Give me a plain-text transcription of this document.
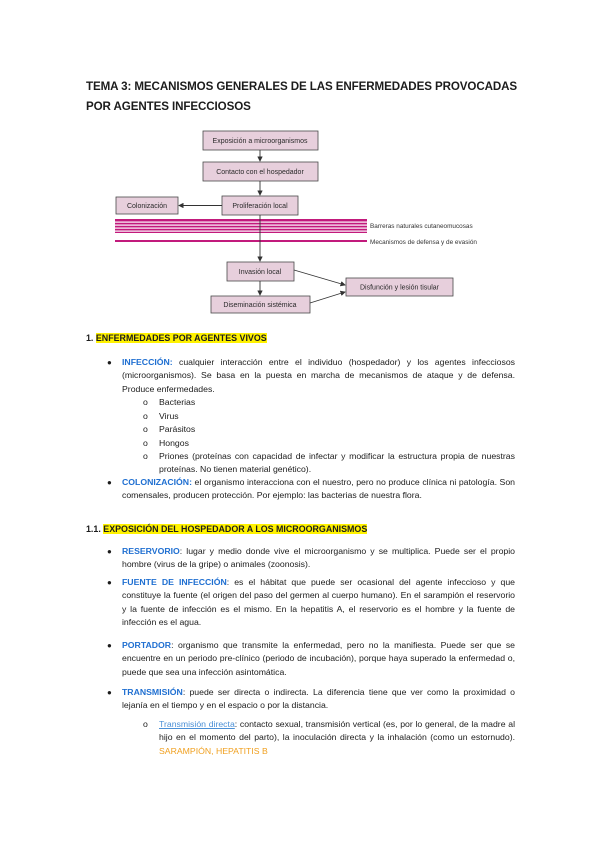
TEMA 3: MECANISMOS GENERALES DE LAS ENFERMEDADES PROVOCADAS POR AGENTES INFECCIOSOS
Exposición a microorganismos
Contacto con el hospedador
Colonización	Proliferación local
Barreras naturales cutaneomucosas
Mecanismos de defensa y de evasión
Invasión local
Diseminación sistémica
Disfunción y lesión tisular
1. ENFERMEDADES POR AGENTES VIVOS
● INFECCIÓN: cualquier interacción entre el individuo (hospedador) y los agentes infecciosos (microorganismos). Se basa en la puesta en marcha de mecanismos de ataque y de defensa. Produce enfermedades.

o Bacterias
o Virus
o Parásitos
o Hongos
o Priones (proteínas con capacidad de infectar y modificar la estructura propia de nuestras proteínas. No tienen material genético).
● COLONIZACIÓN: el organismo interacciona con el nuestro, pero no produce clínica ni patología. Son comensales, producen protección. Por ejemplo: las bacterias de nuestra flora.

1.1. EXPOSICIÓN DEL HOSPEDADOR A LOS MICROORGANISMOS
● RESERVORIO: lugar y medio donde vive el microorganismo y se multiplica. Puede ser el propio hombre (virus de la gripe) o animales (zoonosis).

● FUENTE DE INFECCIÓN: es el hábitat que puede ser ocasional del agente infeccioso y que constituye la fuente (el origen del paso del germen al cuerpo humano). En el sarampión el reservorio y la fuente de infección es el mismo. En la hepatitis A, el reservorio es el hombre y la fuente de infección es el agua.

● PORTADOR: organismo que transmite la enfermedad, pero no la manifiesta. Puede ser que se encuentre en un periodo pre-clínico (periodo de incubación), porque haya superado la enfermedad o, puede que sea una infección asintomática.

● TRANSMISIÓN: puede ser directa o indirecta. La diferencia tiene que ver como la proximidad o lejanía en el tiempo y en el espacio o por la distancia.

o Transmisión directa: contacto sexual, transmisión vertical (es, por lo general, de la madre al hijo en el momento del parto), la inoculación directa y la inhalación (como un estornudo). SARAMPIÓN, HEPATITIS B
